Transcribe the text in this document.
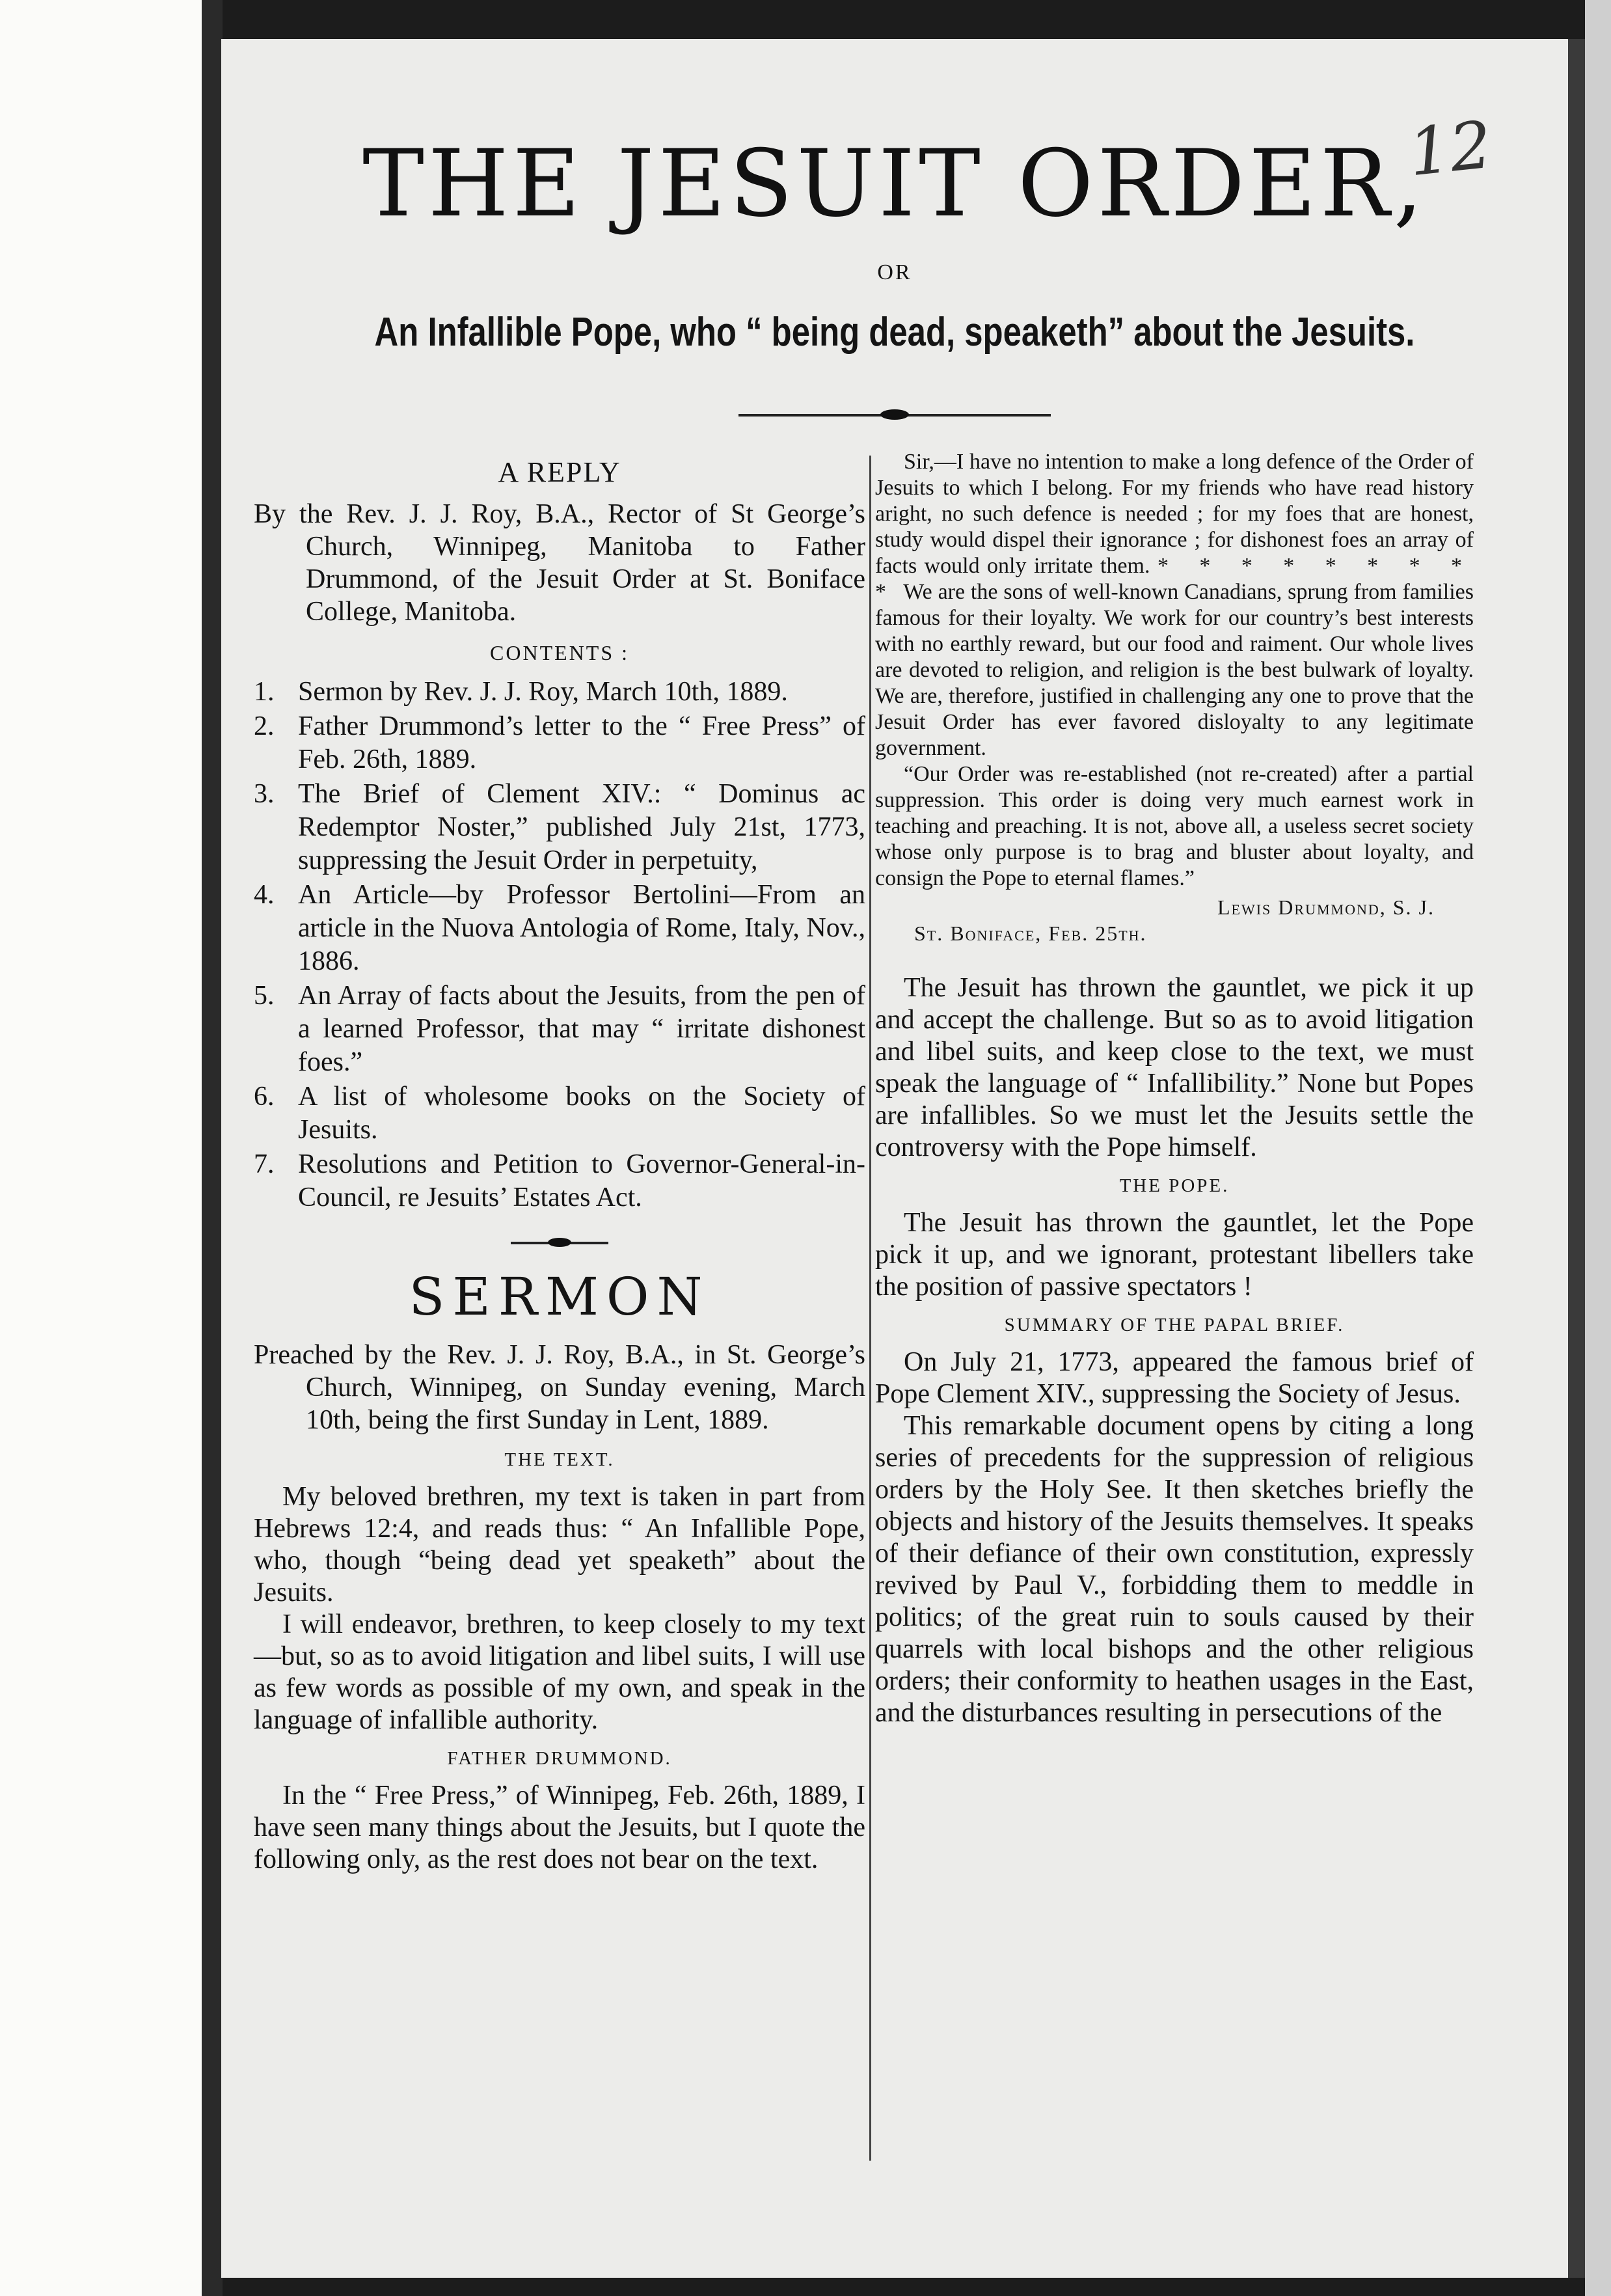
12
THE JESUIT ORDER,
OR
An Infallible Pope, who “ being dead, speaketh” about the Jesuits.
A REPLY

By the Rev. J. J. Roy, B.A., Rector of St George’s Church, Winnipeg, Manitoba to Father Drummond, of the Jesuit Order at St. Boniface College, Manitoba.

CONTENTS :
1. Sermon by Rev. J. J. Roy, March 10th, 1889.
2. Father Drummond’s letter to the “ Free Press” of Feb. 26th, 1889.
3. The Brief of Clement XIV.: “ Dominus ac Redemptor Noster,” published July 21st, 1773, suppressing the Jesuit Order in perpetuity,
4. An Article—by Professor Bertolini—From an article in the Nuova Antologia of Rome, Italy, Nov., 1886.
5. An Array of facts about the Jesuits, from the pen of a learned Professor, that may “ irritate dishonest foes.”
6. A list of wholesome books on the Society of Jesuits.
7. Resolutions and Petition to Governor-General-in-Council, re Jesuits’ Estates Act.
SERMON

Preached by the Rev. J. J. Roy, B.A., in St. George’s Church, Winnipeg, on Sunday evening, March 10th, being the first Sunday in Lent, 1889.

THE TEXT.

My beloved brethren, my text is taken in part from Hebrews 12:4, and reads thus: “ An Infallible Pope, who, though “being dead yet speaketh” about the Jesuits.

I will endeavor, brethren, to keep closely to my text—but, so as to avoid litigation and libel suits, I will use as few words as possible of my own, and speak in the language of infallible authority.

FATHER DRUMMOND.

In the “ Free Press,” of Winnipeg, Feb. 26th, 1889, I have seen many things about the Jesuits, but I quote the following only, as the rest does not bear on the text.

Sir,—I have no intention to make a long defence of the Order of Jesuits to which I belong. For my friends who have read history aright, no such defence is needed ; for my foes that are honest, study would dispel their ignorance ; for dishonest foes an array of facts would only irritate them. * * * * * * * * * We are the sons of well-known Canadians, sprung from families famous for their loyalty. We work for our country’s best interests with no earthly reward, but our food and raiment. Our whole lives are devoted to religion, and religion is the best bulwark of loyalty. We are, therefore, justified in challenging any one to prove that the Jesuit Order has ever favored disloyalty to any legitimate government.

“Our Order was re-established (not re-created) after a partial suppression. This order is doing very much earnest work in teaching and preaching. It is not, above all, a useless secret society whose only purpose is to brag and bluster about loyalty, and consign the Pope to eternal flames.”

Lewis Drummond, S. J.
St. Boniface, Feb. 25th.

The Jesuit has thrown the gauntlet, we pick it up and accept the challenge. But so as to avoid litigation and libel suits, and keep close to the text, we must speak the language of “ Infallibility.” None but Popes are infallibles. So we must let the Jesuits settle the controversy with the Pope himself.

THE POPE.

The Jesuit has thrown the gauntlet, let the Pope pick it up, and we ignorant, protestant libellers take the position of passive spectators !

SUMMARY OF THE PAPAL BRIEF.

On July 21, 1773, appeared the famous brief of Pope Clement XIV., suppressing the Society of Jesus.

This remarkable document opens by citing a long series of precedents for the suppression of religious orders by the Holy See. It then sketches briefly the objects and history of the Jesuits themselves. It speaks of their defiance of their own constitution, expressly revived by Paul V., forbidding them to meddle in politics; of the great ruin to souls caused by their quarrels with local bishops and the other religious orders; their conformity to heathen usages in the East, and the disturbances resulting in persecutions of the
